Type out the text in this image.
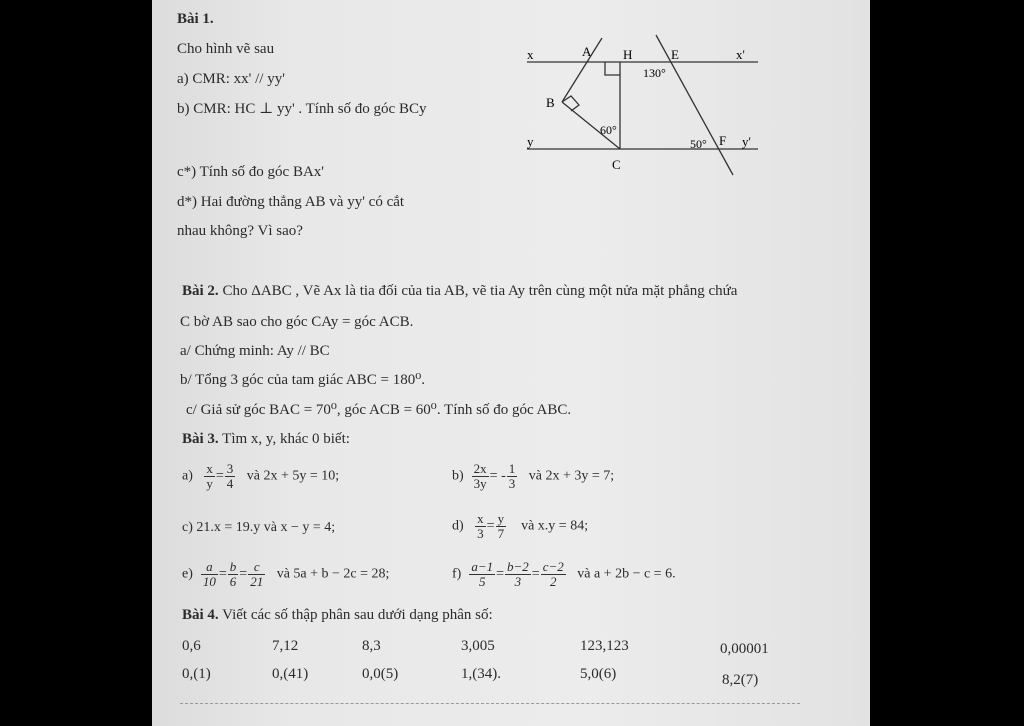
Bài 1.
Cho hình vẽ sau
a) CMR: xx' // yy'
b) CMR: HC ⊥ yy' . Tính số đo góc BCy
c*) Tính số đo góc BAx'
d*) Hai đường thẳng AB và yy' có cắt
nhau không? Vì sao?
x	A H	E	x'
130°
B
60°
y	50° F y'
C
Bài 2. Cho ΔABC , Vẽ Ax là tia đối của tia AB, vẽ tia Ay trên cùng một nửa mặt phẳng chứa
C bờ AB sao cho góc CAy = góc ACB.
a/ Chứng minh: Ay // BC
b/ Tổng 3 góc của tam giác ABC = 180⁰.
c/ Giả sử góc BAC = 70⁰, góc ACB = 60⁰. Tính số đo góc ABC.
Bài 3. Tìm x, y, khác 0 biết:
$a) \frac{x}{y} = \frac{3}{4}$ và 2x + 5y = 10;	$b) \frac{2x}{3y}$ = - $\frac{1}{3}$ và 2x + 3y = 7;
c) 21.x = 19.y và x − y = 4;	$d) \frac{x}{3} = \frac{y}{7}$ và x.y = 84;
$e) \frac{a}{10} = \frac{b}{6} = \frac{c}{21}$ và 5a + b − 2c = 28;	$f) \frac{a-1}{5} = \frac{b-2}{3} = \frac{c-2}{2}$ và a + 2b − c = 6.
Bài 4. Viết các số thập phân sau dưới dạng phân số:
0,6	7,12	8,3	3,005	123,123	0,00001
0,(1)	0,(41)	0,0(5)	1,(34).	5,0(6)	8,2(7)
